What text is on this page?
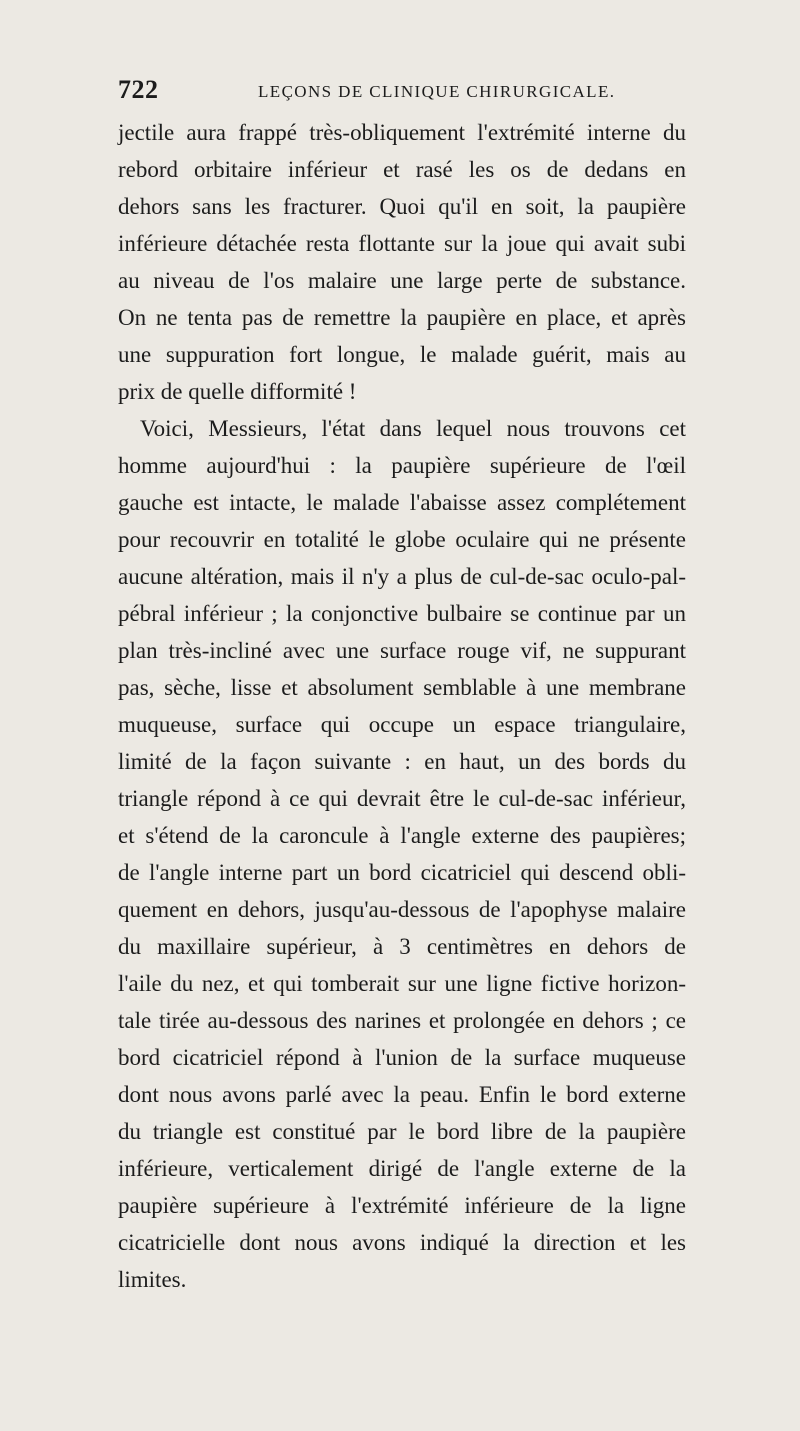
722	LEÇONS DE CLINIQUE CHIRURGICALE.
jectile aura frappé très-obliquement l'extrémité interne du
rebord orbitaire inférieur et rasé les os de dedans en
dehors sans les fracturer. Quoi qu'il en soit, la paupière
inférieure détachée resta flottante sur la joue qui avait subi
au niveau de l'os malaire une large perte de substance.
On ne tenta pas de remettre la paupière en place, et après
une suppuration fort longue, le malade guérit, mais au
prix de quelle difformité !
Voici, Messieurs, l'état dans lequel nous trouvons cet
homme aujourd'hui : la paupière supérieure de l'œil
gauche est intacte, le malade l'abaisse assez complétement
pour recouvrir en totalité le globe oculaire qui ne présente
aucune altération, mais il n'y a plus de cul-de-sac oculo-pal-
pébral inférieur ; la conjonctive bulbaire se continue par un
plan très-incliné avec une surface rouge vif, ne suppurant
pas, sèche, lisse et absolument semblable à une membrane
muqueuse, surface qui occupe un espace triangulaire,
limité de la façon suivante : en haut, un des bords du
triangle répond à ce qui devrait être le cul-de-sac inférieur,
et s'étend de la caroncule à l'angle externe des paupières;
de l'angle interne part un bord cicatriciel qui descend obli-
quement en dehors, jusqu'au-dessous de l'apophyse malaire
du maxillaire supérieur, à 3 centimètres en dehors de
l'aile du nez, et qui tomberait sur une ligne fictive horizon-
tale tirée au-dessous des narines et prolongée en dehors ; ce
bord cicatriciel répond à l'union de la surface muqueuse
dont nous avons parlé avec la peau. Enfin le bord externe
du triangle est constitué par le bord libre de la paupière
inférieure, verticalement dirigé de l'angle externe de la
paupière supérieure à l'extrémité inférieure de la ligne
cicatricielle dont nous avons indiqué la direction et les
limites.
